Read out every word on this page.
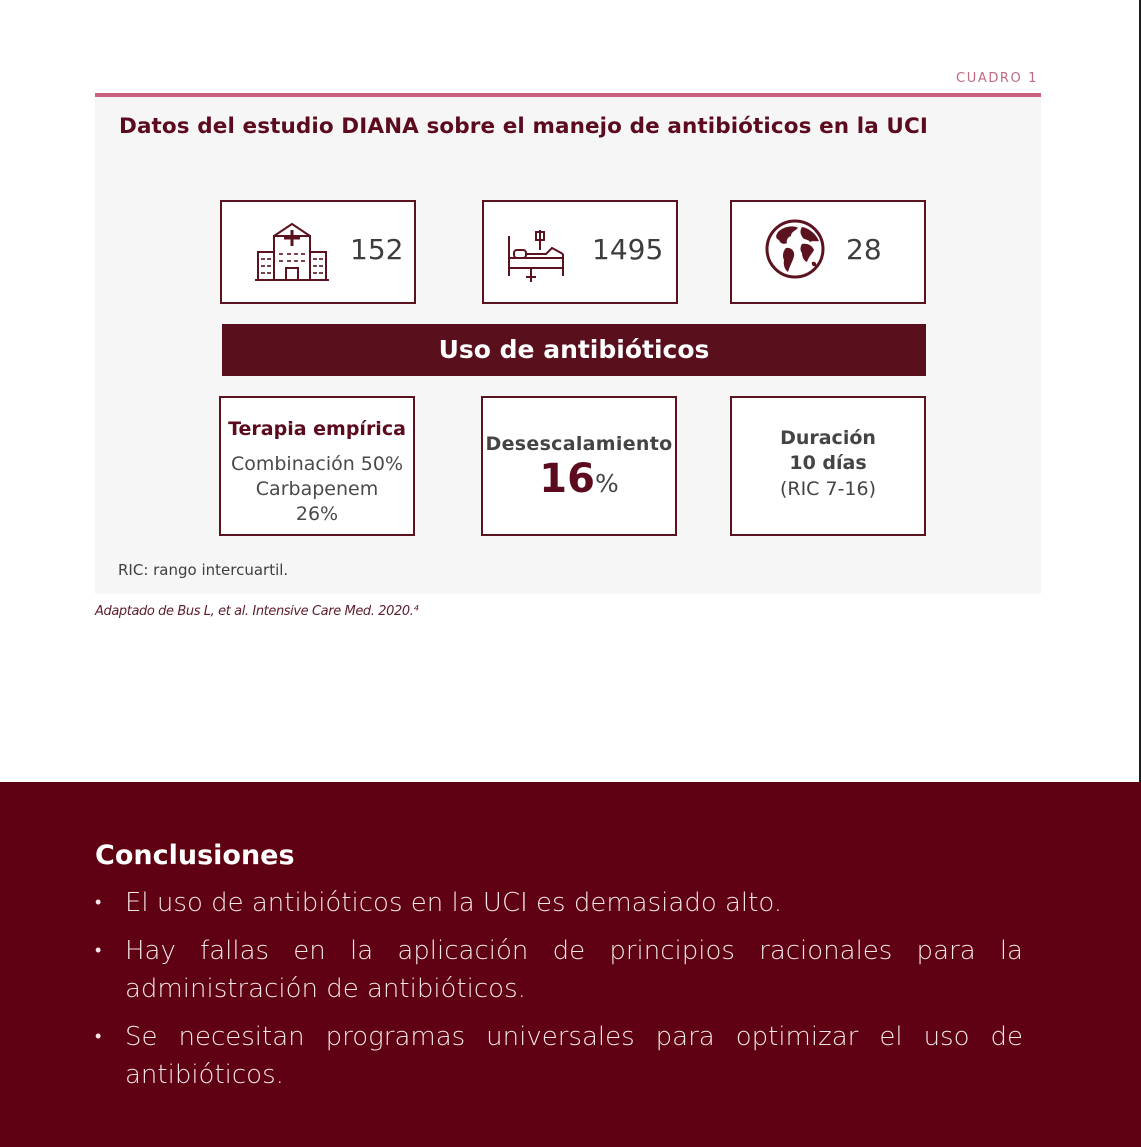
CUADRO 1
Datos del estudio DIANA sobre el manejo de antibióticos en la UCI
152	1495	28
Uso de antibióticos
Terapia empírica
Combinación 50%
Carbapenem
26%
Desescalamiento
16%
Duración
10 días
(RIC 7-16)
RIC: rango intercuartil.
Adaptado de Bus L, et al. Intensive Care Med. 2020.⁴
Conclusiones
• El uso de antibióticos en la UCI es demasiado alto.
• Hay fallas en la aplicación de principios racionales para la administración de antibióticos.
• Se necesitan programas universales para optimizar el uso de antibióticos.
